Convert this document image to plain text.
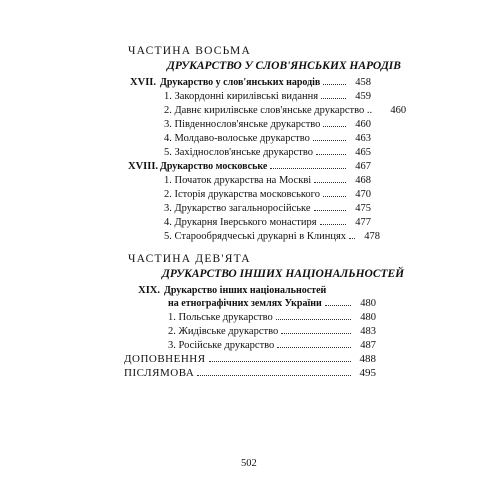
ЧАСТИНА ВОСЬМА
ДРУКАРСТВО У СЛОВ'ЯНСЬКИХ НАРОДІВ
XVII. Друкарство у слов'янських народів	458
1. Закордонні кирилівські видання	459
2. Давнє кирилівське слов'янське друкарство ..	460
3. Південнослов'янське друкарство	460
4. Молдаво-волоське друкарство	463
5. Західнослов'янське друкарство	465
XVIII. Друкарство московське	467
1. Початок друкарства на Москві	468
2. Історія друкарства московського	470
3. Друкарство загальноросійське	475
4. Друкарня Іверського монастиря	477
5. Старообрядчеські друкарні в Клинцях	478
ЧАСТИНА ДЕВ'ЯТА
ДРУКАРСТВО ІНШИХ НАЦІОНАЛЬНОСТЕЙ
XIX. Друкарство інших національностей
на етнографічних землях України	480
1. Польське друкарство	480
2. Жидівське друкарство	483
3. Російське друкарство	487
ДОПОВНЕННЯ	488
ПІСЛЯМОВА	495
502
